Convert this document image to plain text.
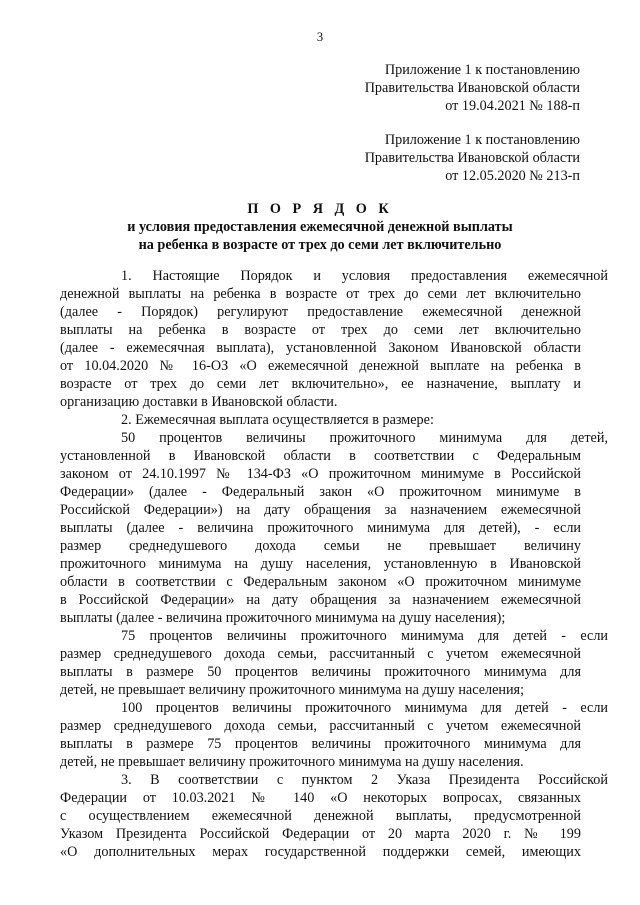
3
Приложение 1 к постановлению
Правительства Ивановской области
от 19.04.2021 № 188-п
Приложение 1 к постановлению
Правительства Ивановской области
от 12.05.2020 № 213-п
П О Р Я Д О К
и условия предоставления ежемесячной денежной выплаты
на ребенка в возрасте от трех до семи лет включительно
1. Настоящие Порядок и условия предоставления ежемесячной
денежной выплаты на ребенка в возрасте от трех до семи лет включительно
(далее - Порядок) регулируют предоставление ежемесячной денежной
выплаты на ребенка в возрасте от трех до семи лет включительно
(далее - ежемесячная выплата), установленной Законом Ивановской области
от 10.04.2020 № 16-ОЗ «О ежемесячной денежной выплате на ребенка в
возрасте от трех до семи лет включительно», ее назначение, выплату и
организацию доставки в Ивановской области.
2. Ежемесячная выплата осуществляется в размере:
50 процентов величины прожиточного минимума для детей,
установленной в Ивановской области в соответствии с Федеральным
законом от 24.10.1997 № 134-ФЗ «О прожиточном минимуме в Российской
Федерации» (далее - Федеральный закон «О прожиточном минимуме в
Российской Федерации») на дату обращения за назначением ежемесячной
выплаты (далее - величина прожиточного минимума для детей), - если
размер среднедушевого дохода семьи не превышает величину
прожиточного минимума на душу населения, установленную в Ивановской
области в соответствии с Федеральным законом «О прожиточном минимуме
в Российской Федерации» на дату обращения за назначением ежемесячной
выплаты (далее - величина прожиточного минимума на душу населения);
75 процентов величины прожиточного минимума для детей - если
размер среднедушевого дохода семьи, рассчитанный с учетом ежемесячной
выплаты в размере 50 процентов величины прожиточного минимума для
детей, не превышает величину прожиточного минимума на душу населения;
100 процентов величины прожиточного минимума для детей - если
размер среднедушевого дохода семьи, рассчитанный с учетом ежемесячной
выплаты в размере 75 процентов величины прожиточного минимума для
детей, не превышает величину прожиточного минимума на душу населения.
3. В соответствии с пунктом 2 Указа Президента Российской
Федерации от 10.03.2021 № 140 «О некоторых вопросах, связанных
с осуществлением ежемесячной денежной выплаты, предусмотренной
Указом Президента Российской Федерации от 20 марта 2020 г. № 199
«О дополнительных мерах государственной поддержки семей, имеющих
